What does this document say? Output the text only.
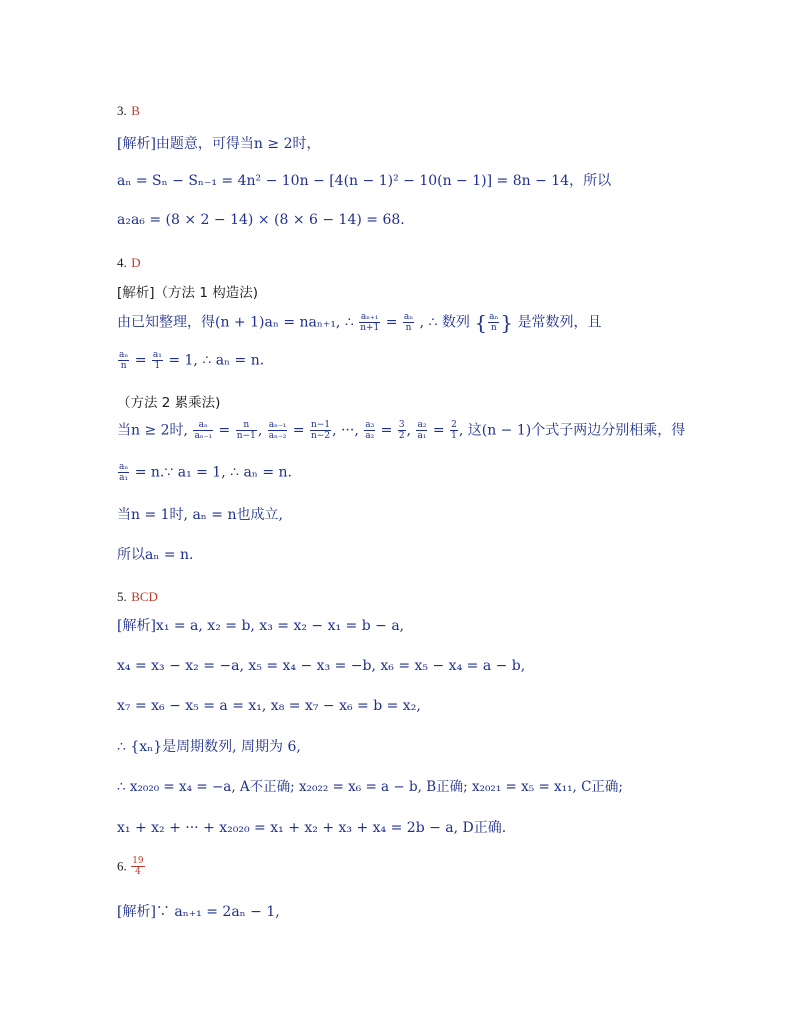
3. B
[解析]由题意，可得当n ≥ 2时，
aₙ = Sₙ − Sₙ₋₁ = 4n² − 10n − [4(n − 1)² − 10(n − 1)] = 8n − 14，所以
a₂a₆ = (8 × 2 − 14) × (8 × 6 − 14) = 68.
4. D
[解析]（方法 1 构造法)
由已知整理，得(n + 1)aₙ = naₙ₊₁, ∴ $\frac{\text{aₙ₊₁}}{n+1} = \frac{\text{aₙ}}{n}$ , ∴ 数列 { $\frac{\text{aₙ}}{n}$ } 是常数列，且
$\frac{\text{aₙ}}{n} = \frac{\text{a₁}}{1} = 1$, ∴ aₙ = n.
（方法 2 累乘法)
当n ≥ 2时, $\frac{\text{aₙ}}{\text{aₙ₋₁}} = \frac{n}{n-1}$ , $\frac{\text{aₙ₋₁}}{\text{aₙ₋₂}} = \frac{n-1}{n-2}$ , ···, $\frac{\text{a₃}}{\text{a₂}} = \frac{3}{2}$ , $\frac{\text{a₂}}{\text{a₁}} = \frac{2}{1}$ , 这(n − 1)个式子两边分别相乘，得
$\frac{\text{aₙ}}{\text{a₁}}$ = n.∵ a₁ = 1, ∴ aₙ = n.
当n = 1时, aₙ = n也成立,
所以aₙ = n.
5. BCD
[解析]x₁ = a, x₂ = b, x₃ = x₂ − x₁ = b − a,
x₄ = x₃ − x₂ = −a, x₅ = x₄ − x₃ = −b, x₆ = x₅ − x₄ = a − b,
x₇ = x₆ − x₅ = a = x₁, x₈ = x₇ − x₆ = b = x₂,
∴ {xₙ}是周期数列, 周期为 6,
∴ x₂₀₂₀ = x₄ = −a, A不正确; x₂₀₂₂ = x₆ = a − b, B正确; x₂₀₂₁ = x₅ = x₁₁, C正确;
x₁ + x₂ + ··· + x₂₀₂₀ = x₁ + x₂ + x₃ + x₄ = 2b − a, D正确.
6. $\frac{19}{4}$
[解析]∵ aₙ₊₁ = 2aₙ − 1,
